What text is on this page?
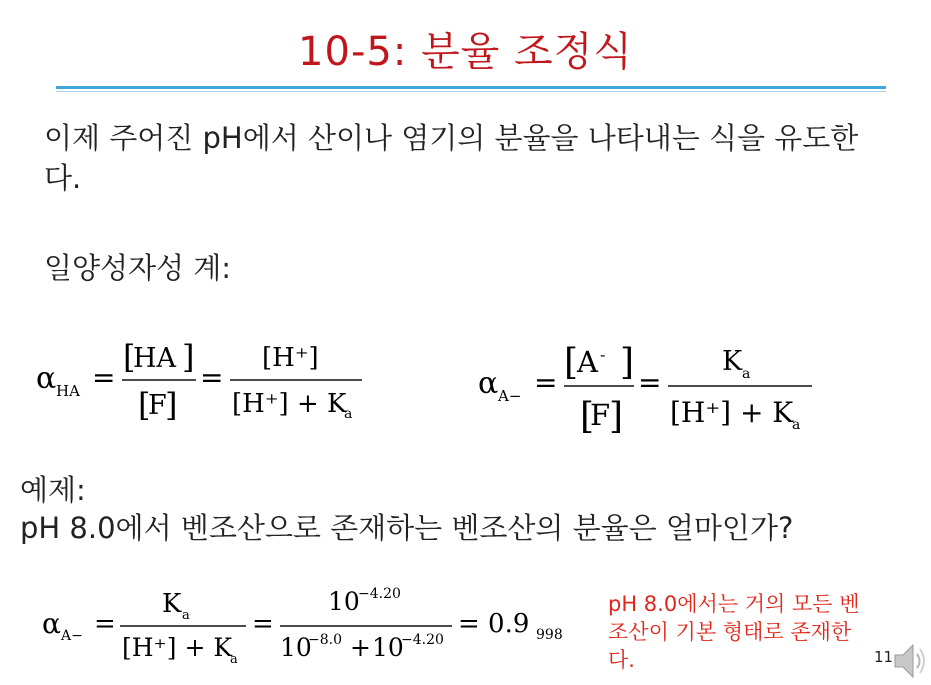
10-5: 분율 조정식
이제 주어진 pH에서 산이나 염기의 분율을 나타내는 식을 유도한다.
일양성자성 계:
α HA =
[
HA ]
[
F
]
=
[H⁺]
[H⁺] + K
a
α A− = [
A - ]
[
F
]
=
K a
[H⁺] + K
a
예제:
pH 8.0에서 벤조산으로 존재하는 벤조산의 분율은 얼마인가?
α A− =
K a
[H⁺] + K
a
=
10
−4.20
10
−8.0 + 10
−4.20
= 0.9 998
pH 8.0에서는 거의 모든 벤조산이 기본 형태로 존재한다.	11
